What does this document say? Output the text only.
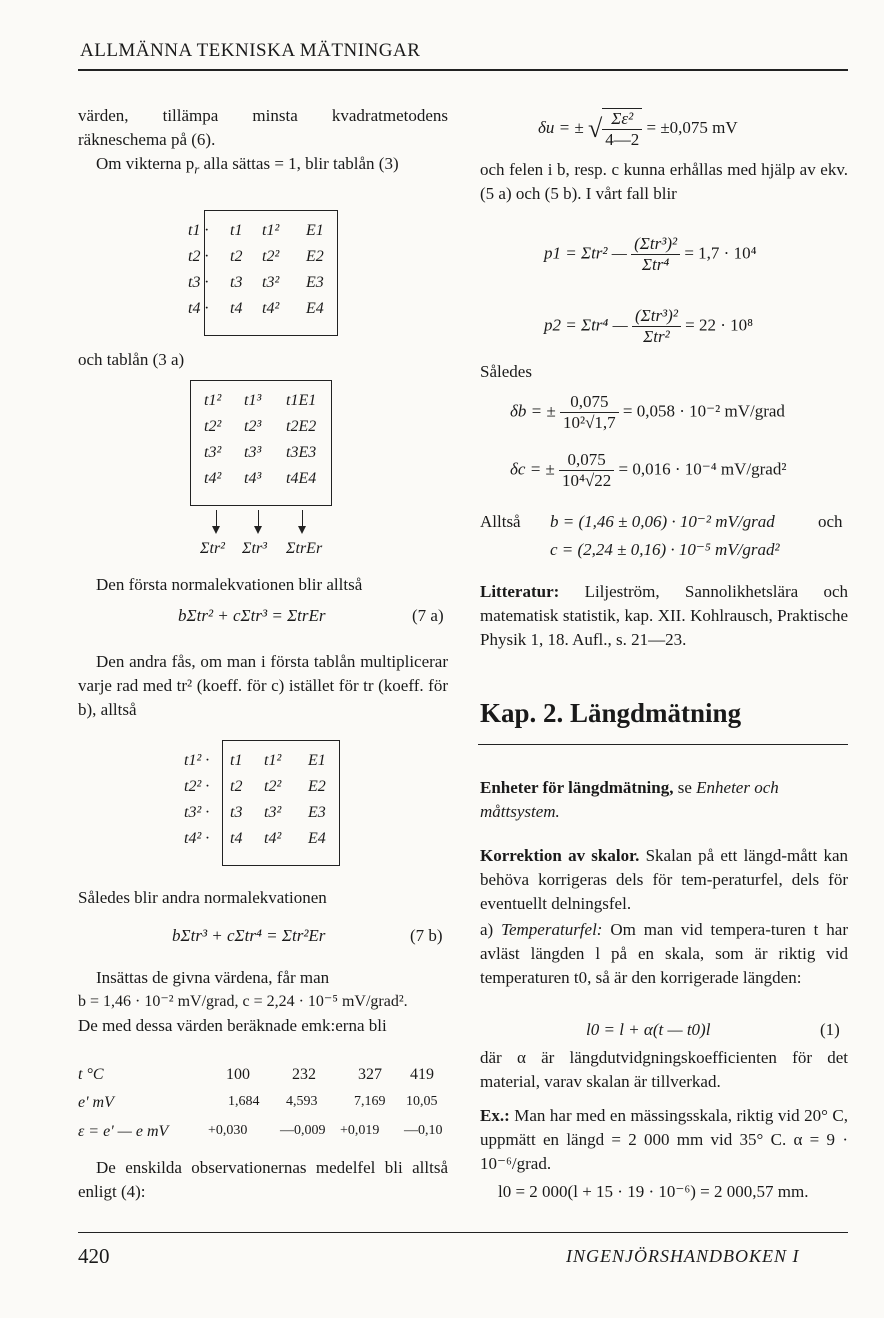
ALLMÄNNA TEKNISKA MÄTNINGAR

värden, tillämpa minsta kvadratmetodens räkneschema på (6).

Om vikterna $p_r$ alla sättas = 1, blir tablån (3)

t1 · t1 t1² E1
t2 · t2 t2² E2
t3 · t3 t3² E3
t4 · t4 t4² E4
och tablån (3 a)
t1² t1³ t1E1
t2² t2³ t2E2
t3² t3³ t3E3
t4² t4³ t4E4
Σtr² Σtr³ ΣtrEr
Den första normalekvationen blir alltså
bΣtr² + cΣtr³ = ΣtrEr	(7 a)
Den andra fås, om man i första tablån multiplicerar varje rad med tr² (koeff. för c) istället för tr (koeff. för b), alltså
t1² · t1 t1² E1
t2² · t2 t2² E2
t3² · t3 t3² E3
t4² · t4 t4² E4
Således blir andra normalekvationen
bΣtr³ + cΣtr⁴ = Σtr²Er	(7 b)

Insättas de givna värdena, får man

b = 1,46 · 10⁻² mV/grad, c = 2,24 · 10⁻⁵ mV/grad².

De med dessa värden beräknade emk:erna bli

t °C	100	232	327 419
e' mV	1,684 4,593	7,169 10,05
ε = e' — e mV	+0,030 —0,009 +0,019 —0,10
De enskilda observationernas medelfel bli alltså enligt (4):
δu = ± √ $\frac{\text{Σε²}}{4—2} = \pm 0,075$ mV
och felen i b, resp. c kunna erhållas med hjälp av ekv. (5 a) och (5 b). I vårt fall blir
p1 = Σtr² — $\frac{\text{(Σtr³)²}}{\text{Σtr⁴}} = 1,7 \cdot 10^4$
p2 = Σtr⁴ — $\frac{\text{(Σtr³)²}}{\text{Σtr²}} = 22 \cdot 10^8$
Således
δb = ± $\frac{0,075}{\text{10²√1,7}} = 0,058 \cdot 10^{-2}$ mV/grad
δc = ± $\frac{0,075}{\text{10⁴√22}} = 0,016 \cdot 10^{-4}$ mV/grad²
Alltså b = (1,46 ± 0,06) · 10⁻² mV/grad	och
c = (2,24 ± 0,16) · 10⁻⁵ mV/grad²

Litteratur: Liljeström, Sannolikhetslära och matematisk statistik, kap. XII. Kohlrausch, Praktische Physik 1, 18. Aufl., s. 21—23.

Kap. 2. Längdmätning

Enheter för längdmätning, se Enheter och måttsystem.

Korrektion av skalor. Skalan på ett längd-mått kan behöva korrigeras dels för tem-peraturfel, dels för eventuellt delningsfel.

a) Temperaturfel: Om man vid tempera-turen t har avläst längden l på en skala, som är riktig vid temperaturen t0, så är den korrigerade längden:

l0 = l + α(t — t0)l	(1)
där α är längdutvidgningskoefficienten för det material, varav skalan är tillverkad.

Ex.: Man har med en mässingsskala, riktig vid 20° C, uppmätt en längd = 2 000 mm vid 35° C. α = 9 · 10⁻⁶/grad.

l0 = 2 000(l + 15 · 19 · 10⁻⁶) = 2 000,57 mm.
420	INGENJÖRSHANDBOKEN I
